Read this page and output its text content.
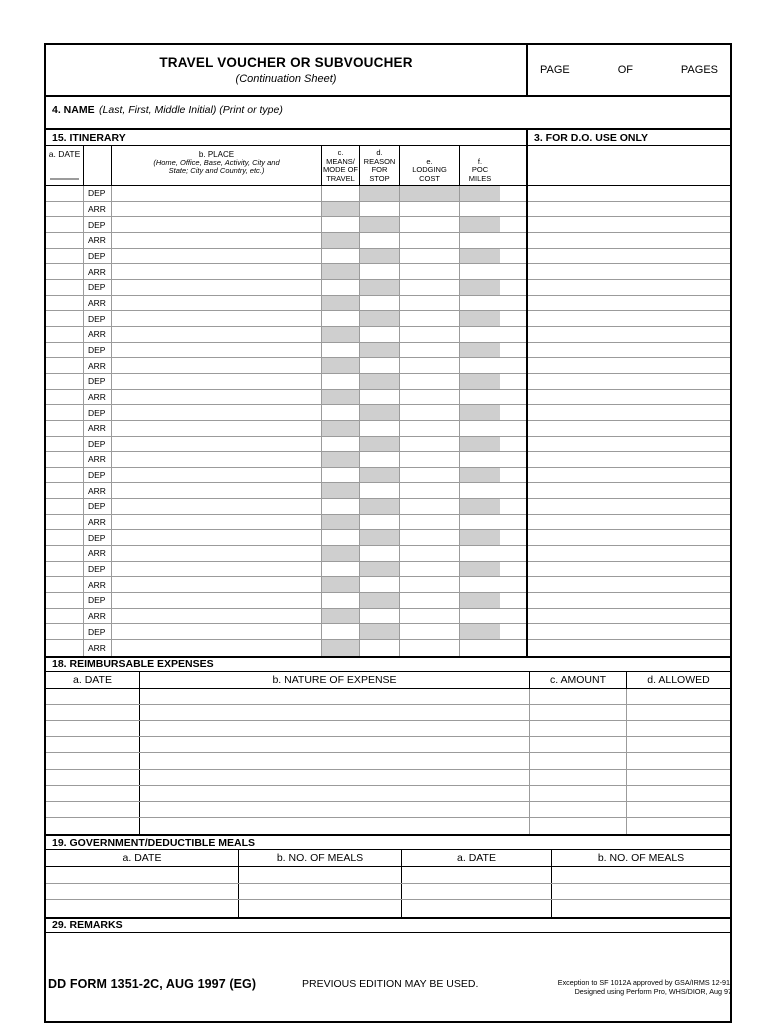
TRAVEL VOUCHER OR SUBVOUCHER
(Continuation Sheet)
PAGE	OF	PAGES
4. NAME (Last, First, Middle Initial) (Print or type)
15. ITINERARY	3. FOR D.O. USE ONLY
a. DATE	b. PLACE
(Home, Office, Base, Activity, City and
State; City and Country, etc.)
c.
MEANS/
MODE OF
TRAVEL
d.
REASON
FOR
STOP
e.
LODGING
COST
f.
POC
MILES
DEP
ARR
DEP
ARR
DEP
ARR
DEP
ARR
DEP
ARR
DEP
ARR
DEP
ARR
DEP
ARR
DEP
ARR
DEP
ARR
DEP
ARR
DEP
ARR
DEP
ARR
DEP
ARR
DEP
ARR
18. REIMBURSABLE EXPENSES
a. DATE	b. NATURE OF EXPENSE	c. AMOUNT	d. ALLOWED
19. GOVERNMENT/DEDUCTIBLE MEALS
a. DATE	b. NO. OF MEALS	a. DATE	b. NO. OF MEALS
29. REMARKS
DD FORM 1351-2C, AUG 1997 (EG)	PREVIOUS EDITION MAY BE USED.	Exception to SF 1012A approved by GSA/IRMS 12-91.
Designed using Perform Pro, WHS/DIOR, Aug 97
